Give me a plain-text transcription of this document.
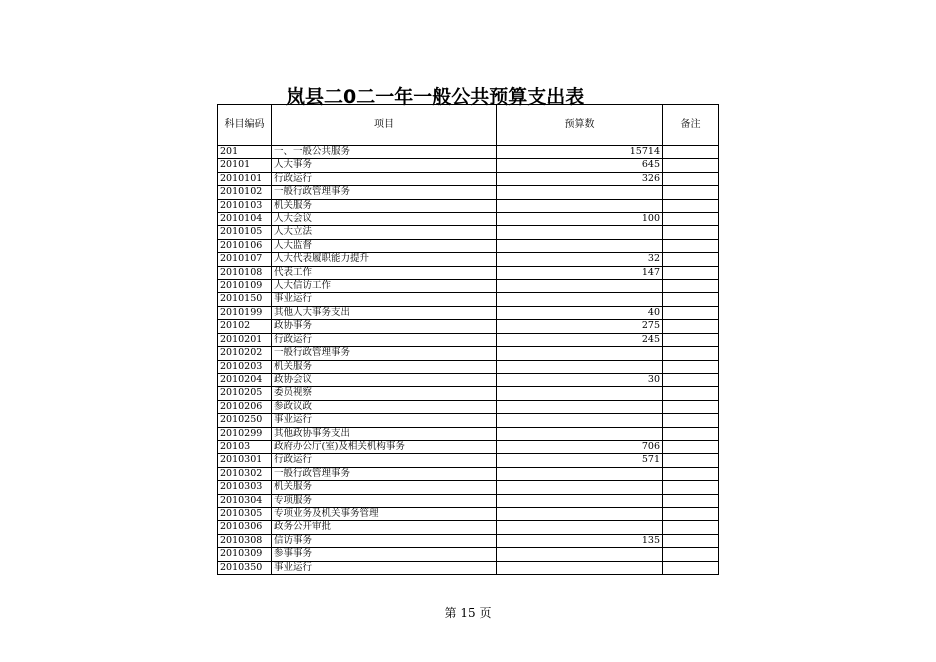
岚县二0二一年一般公共预算支出表
科目编码	项目	预算数	备注
201	一、一般公共服务	15714	
20101	人大事务	645	
2010101	行政运行	326	
2010102	一般行政管理事务		
2010103	机关服务		
2010104	人大会议	100	
2010105	人大立法		
2010106	人大监督		
2010107	人大代表履职能力提升	32	
2010108	代表工作	147	
2010109	人大信访工作		
2010150	事业运行		
2010199	其他人大事务支出	40	
20102	政协事务	275	
2010201	行政运行	245	
2010202	一般行政管理事务		
2010203	机关服务		
2010204	政协会议	30	
2010205	委员视察		
2010206	参政议政		
2010250	事业运行		
2010299	其他政协事务支出		
20103	政府办公厅(室)及相关机构事务	706	
2010301	行政运行	571	
2010302	一般行政管理事务		
2010303	机关服务		
2010304	专项服务		
2010305	专项业务及机关事务管理		
2010306	政务公开审批		
2010308	信访事务	135	
2010309	参事事务		
2010350	事业运行		
第 15 页
